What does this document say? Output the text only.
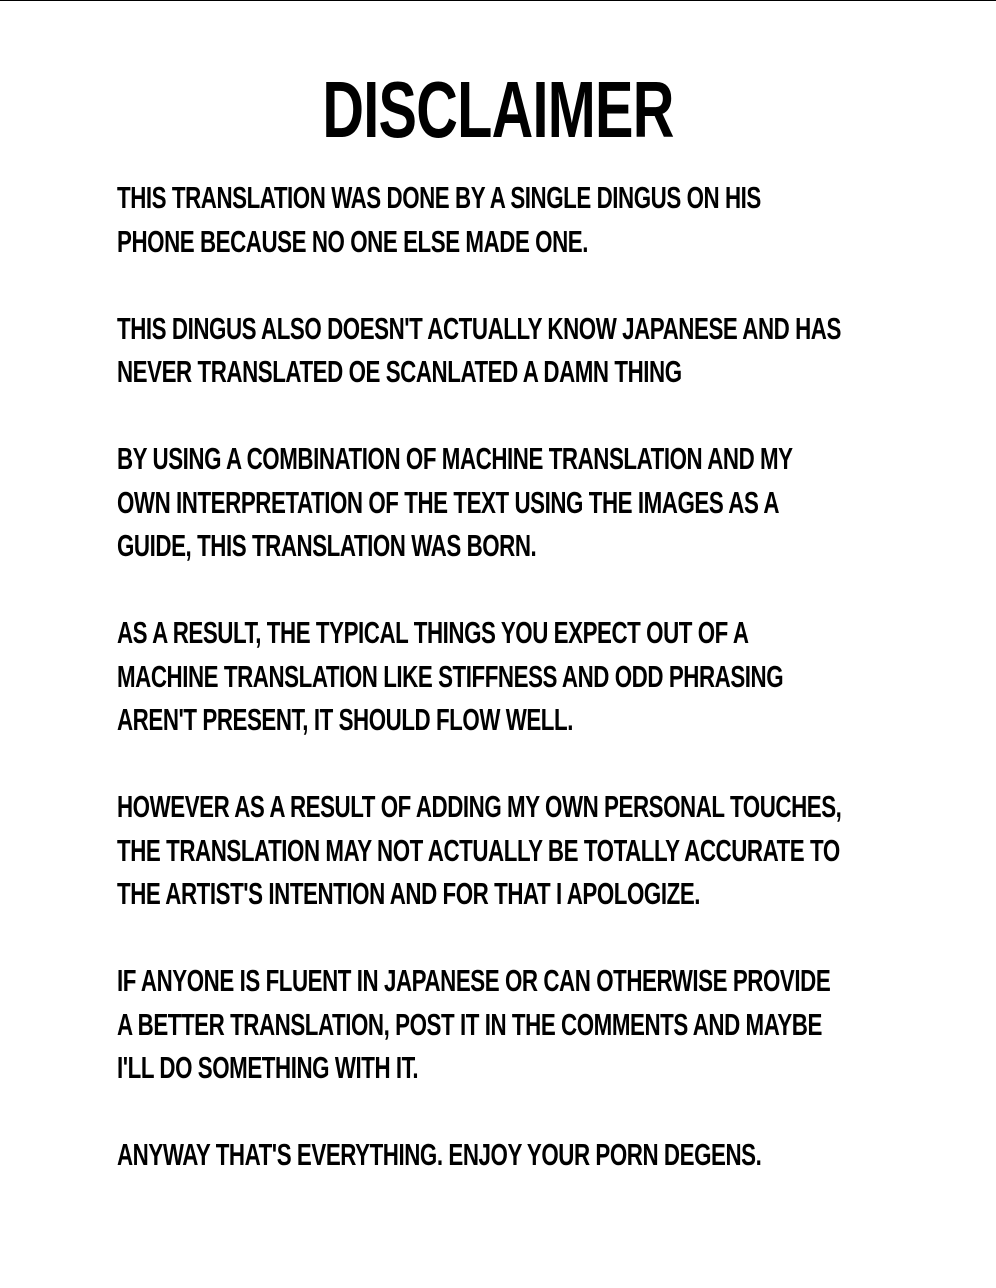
DISCLAIMER
THIS TRANSLATION WAS DONE BY A SINGLE DINGUS ON HIS
PHONE BECAUSE NO ONE ELSE MADE ONE.
THIS DINGUS ALSO DOESN'T ACTUALLY KNOW JAPANESE AND HAS
NEVER TRANSLATED OE SCANLATED A DAMN THING
BY USING A COMBINATION OF MACHINE TRANSLATION AND MY
OWN INTERPRETATION OF THE TEXT USING THE IMAGES AS A
GUIDE, THIS TRANSLATION WAS BORN.
AS A RESULT, THE TYPICAL THINGS YOU EXPECT OUT OF A
MACHINE TRANSLATION LIKE STIFFNESS AND ODD PHRASING
AREN'T PRESENT, IT SHOULD FLOW WELL.
HOWEVER AS A RESULT OF ADDING MY OWN PERSONAL TOUCHES,
THE TRANSLATION MAY NOT ACTUALLY BE TOTALLY ACCURATE TO
THE ARTIST'S INTENTION AND FOR THAT I APOLOGIZE.
IF ANYONE IS FLUENT IN JAPANESE OR CAN OTHERWISE PROVIDE
A BETTER TRANSLATION, POST IT IN THE COMMENTS AND MAYBE
I'LL DO SOMETHING WITH IT.
ANYWAY THAT'S EVERYTHING. ENJOY YOUR PORN DEGENS.
